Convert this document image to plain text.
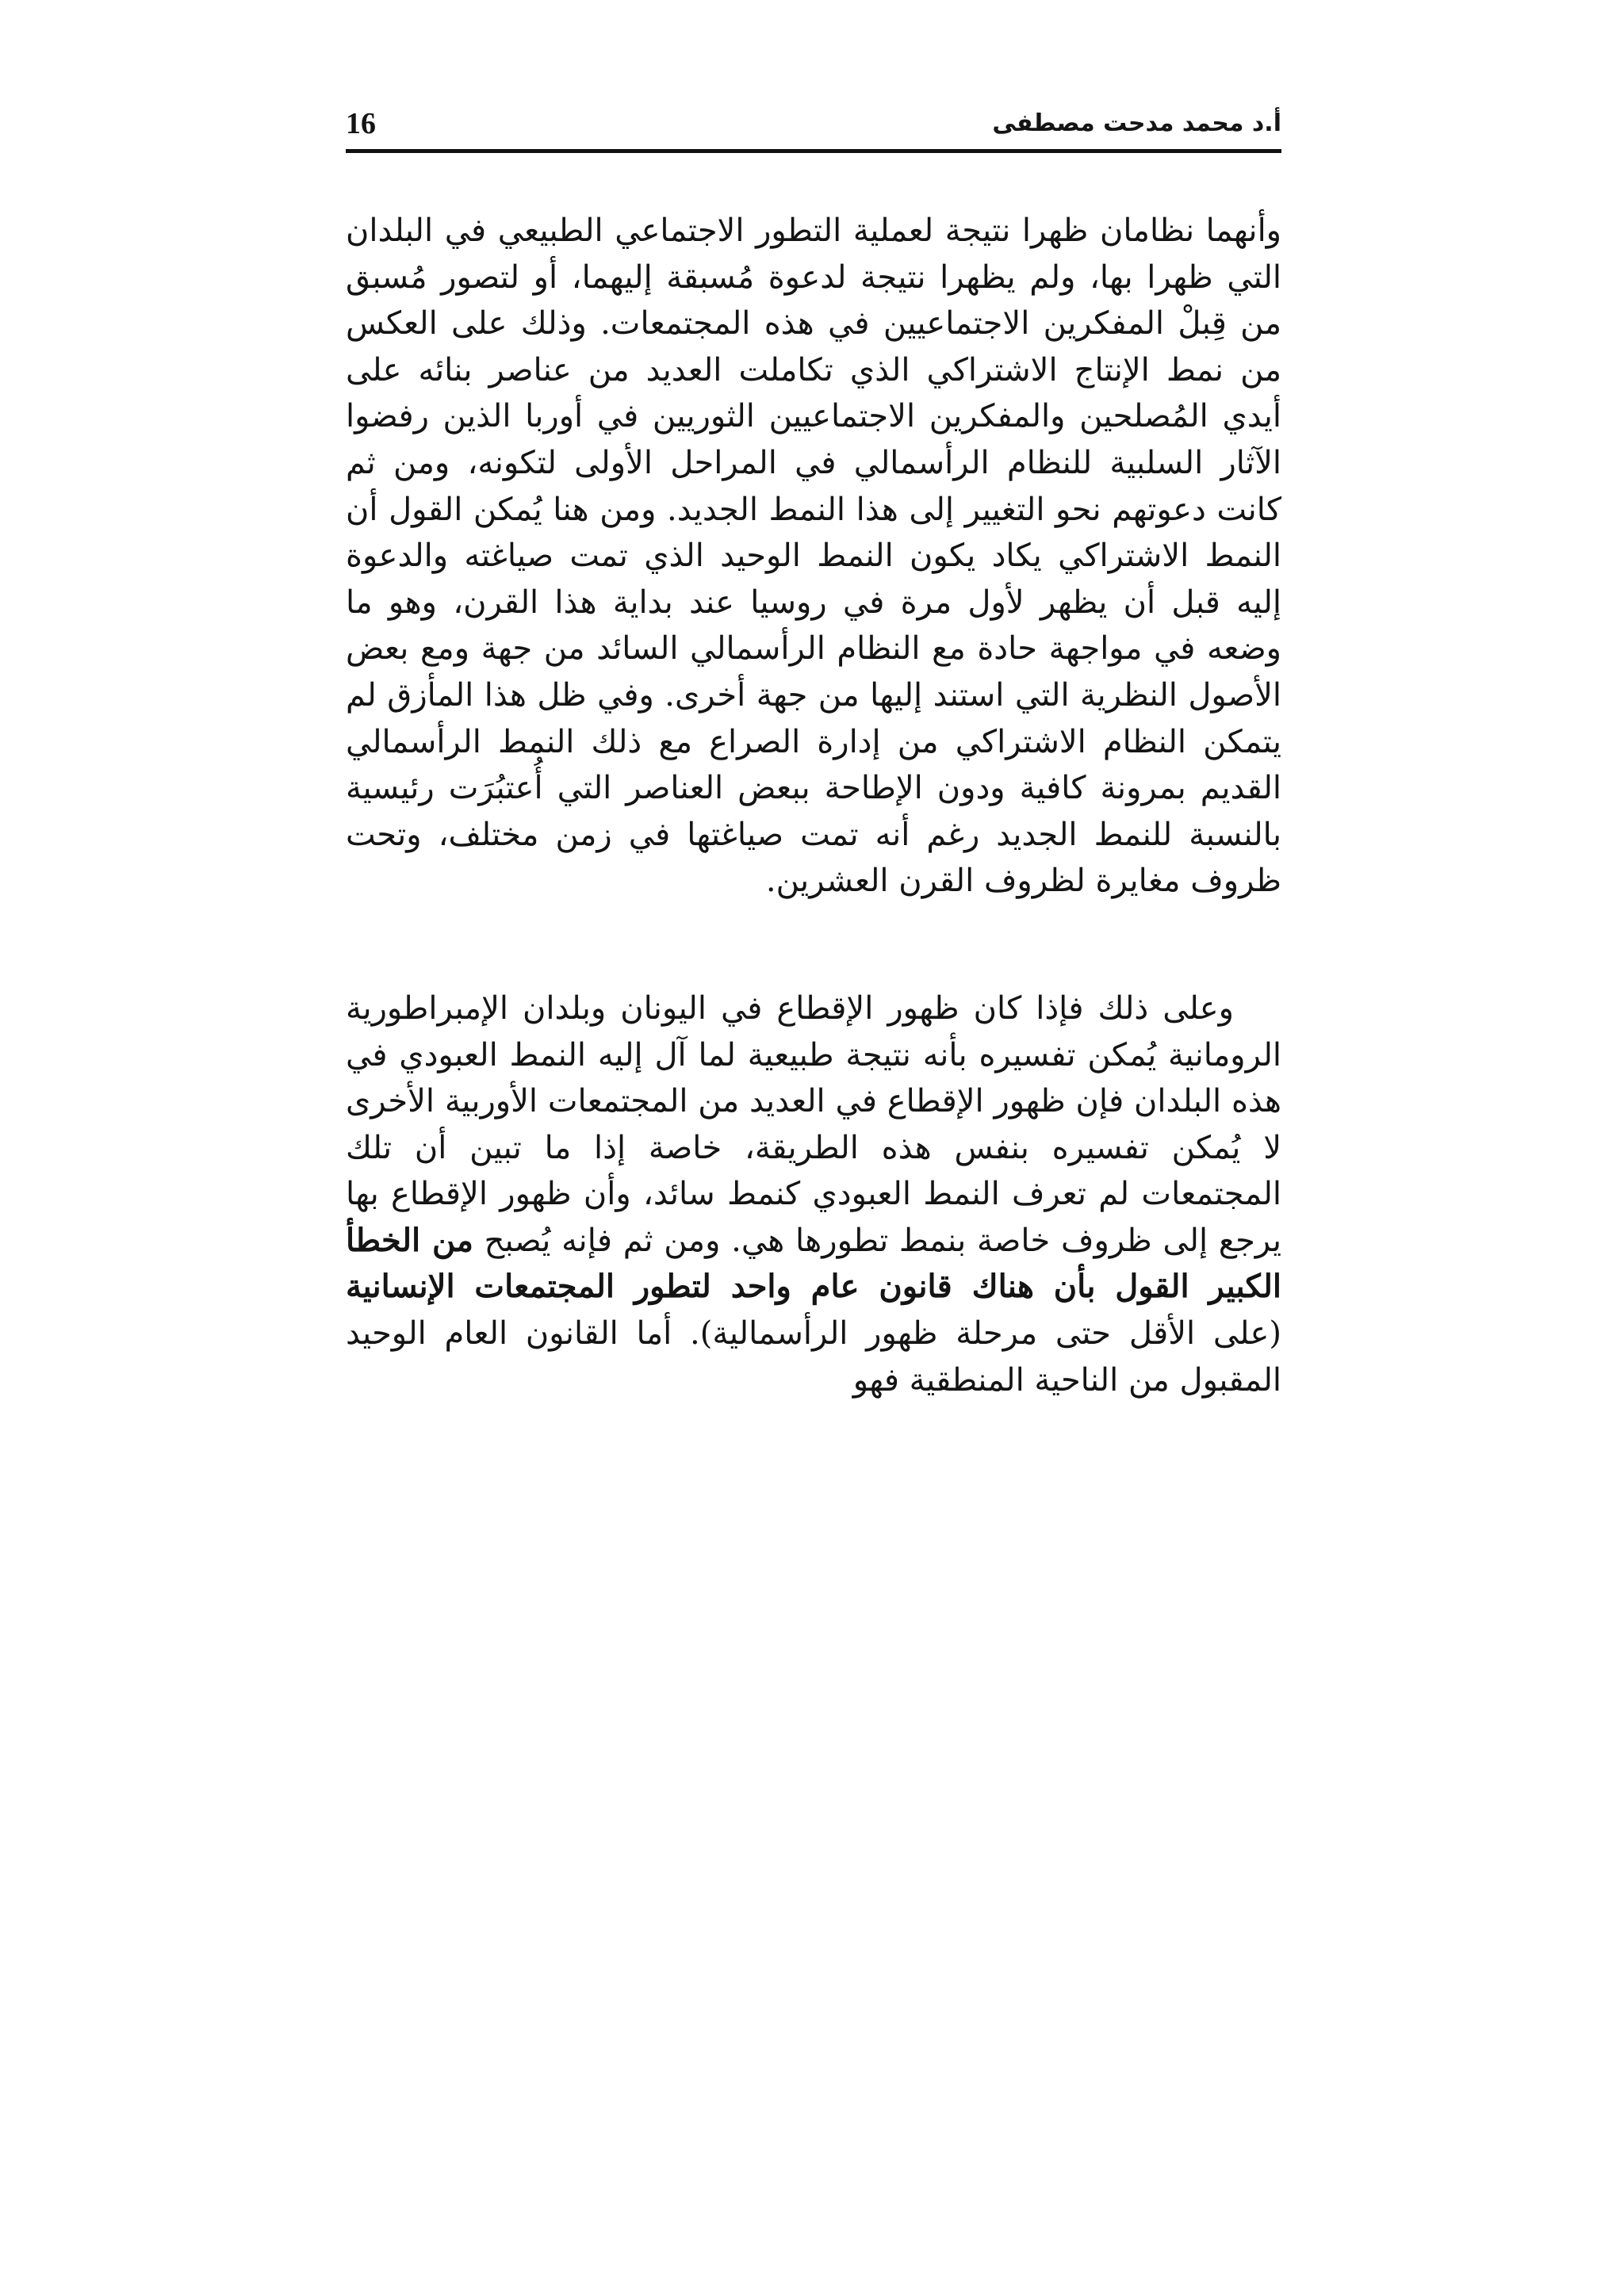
16	أ.د محمد مدحت مصطفى

وأنهما نظامان ظهرا نتيجة لعملية التطور الاجتماعي الطبيعي في البلدان التي ظهرا بها، ولم يظهرا نتيجة لدعوة مُسبقة إليهما، أو لتصور مُسبق من قِبلْ المفكرين الاجتماعيين في هذه المجتمعات. وذلك على العكس من نمط الإنتاج الاشتراكي الذي تكاملت العديد من عناصر بنائه على أيدي المُصلحين والمفكرين الاجتماعيين الثوريين في أوربا الذين رفضوا الآثار السلبية للنظام الرأسمالي في المراحل الأولى لتكونه، ومن ثم كانت دعوتهم نحو التغيير إلى هذا النمط الجديد. ومن هنا يُمكن القول أن النمط الاشتراكي يكاد يكون النمط الوحيد الذي تمت صياغته والدعوة إليه قبل أن يظهر لأول مرة في روسيا عند بداية هذا القرن، وهو ما وضعه في مواجهة حادة مع النظام الرأسمالي السائد من جهة ومع بعض الأصول النظرية التي استند إليها من جهة أخرى. وفي ظل هذا المأزق لم يتمكن النظام الاشتراكي من إدارة الصراع مع ذلك النمط الرأسمالي القديم بمرونة كافية ودون الإطاحة ببعض العناصر التي أُعتبُرَت رئيسية بالنسبة للنمط الجديد رغم أنه تمت صياغتها في زمن مختلف، وتحت ظروف مغايرة لظروف القرن العشرين.

وعلى ذلك فإذا كان ظهور الإقطاع في اليونان وبلدان الإمبراطورية الرومانية يُمكن تفسيره بأنه نتيجة طبيعية لما آل إليه النمط العبودي في هذه البلدان فإن ظهور الإقطاع في العديد من المجتمعات الأوربية الأخرى لا يُمكن تفسيره بنفس هذه الطريقة، خاصة إذا ما تبين أن تلك المجتمعات لم تعرف النمط العبودي كنمط سائد، وأن ظهور الإقطاع بها يرجع إلى ظروف خاصة بنمط تطورها هي. ومن ثم فإنه يُصبح من الخطأ الكبير القول بأن هناك قانون عام واحد لتطور المجتمعات الإنسانية (على الأقل حتى مرحلة ظهور الرأسمالية). أما القانون العام الوحيد المقبول من الناحية المنطقية فهو
